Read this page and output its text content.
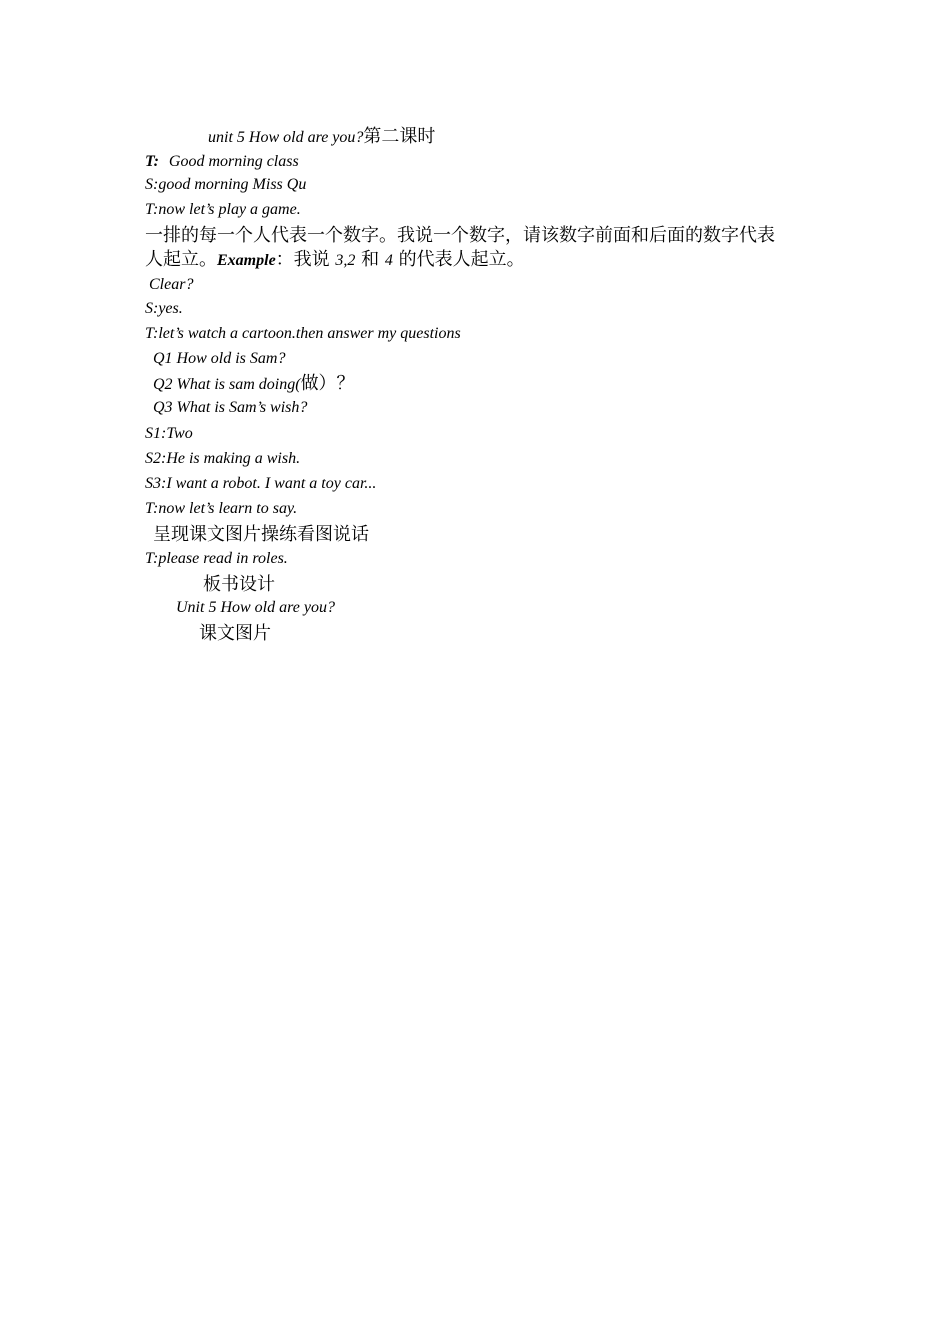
unit 5 How old are you?第二课时
T: Good morning class
S:good morning Miss Qu
T:now let’s play a game.
一排的每一个人代表一个数字。我说一个数字，请该数字前面和后面的数字代表
人起立。Example：我说 3,2 和 4 的代表人起立。
Clear?
S:yes.
T:let’s watch a cartoon.then answer my questions
Q1 How old is Sam?
Q2 What is sam doing(做）？
Q3 What is Sam’s wish?
S1:Two
S2:He is making a wish.
S3:I want a robot. I want a toy car...
T:now let’s learn to say.
呈现课文图片操练看图说话
T:please read in roles.
板书设计
Unit 5 How old are you?
课文图片
